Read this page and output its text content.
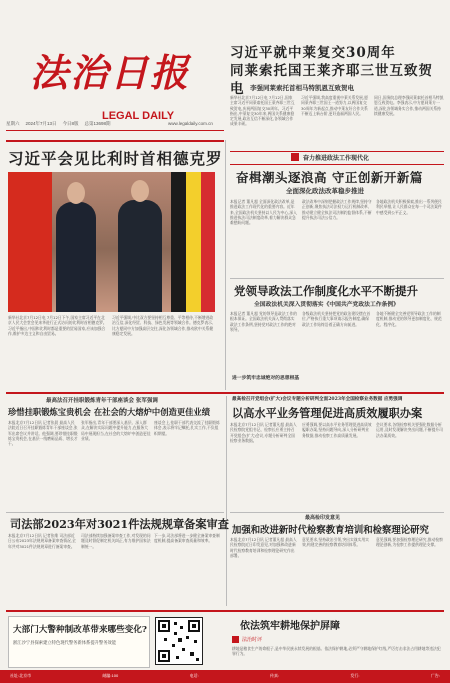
法治日报
LEGAL DAILY
星期六 2024年7月13日 今日8版 总第13698期	www.legaldaily.com.cn
习近平就中莱复交30周年
同莱索托国王莱齐耶三世互致贺电 李强同莱索托首相马特凯恩互致贺电
新华社北京7月12日电 7月12日,国家主席习近平同莱索托国王莱齐耶三世互致贺电,庆祝两国复交30周年。习近平指出,中莱复交30年来,两国关系健康稳定发展,政治互信不断深化,各领域合作成果丰硕。
习近平强调,我高度重视中莱关系发展,愿同莱齐耶三世国王一道努力,以两国复交30周年为新起点,推动中莱友好合作关系不断迈上新台阶,更好造福两国人民。
同日,国务院总理李强同莱索托首相马特凯恩互致贺电。李强表示,中方愿同莱方一道,深化各领域务实合作,推动两国关系持续健康发展。
习近平会见比利时首相德克罗
新华社北京7月12日电 7月12日下午,国家主席习近平在北京人民大会堂会见来华进行正式访问的比利时首相德克罗。习近平指出,中国和比利时都是重要的贸易国家,应该加强合作,维护多边主义和自由贸易。
习近平强调,中比双方要坚持相互尊重、平等相待,不断增进政治互信,深化经贸、科技、绿色发展等领域合作。德克罗表示,比方愿同中方加强高层交往,深化各领域合作,推动欧中关系健康稳定发展。
奋力推进政法工作现代化
奋楫潮头逐浪高 守正创新开新篇
全面深化政法改革稳步推进
本报记者 董凡超 全面深化政法改革,是推进政法工作现代化的重要内容。近年来,全国政法机关坚持以人民为中心,深入推进执法司法制度改革,着力解决群众急难愁盼问题。
政法改革中深刻把握政法工作规律,坚持守正创新,聚焦执法司法权力运行机制改革,推动建立健全执法司法制约监督体系,不断提升执法司法公信力。
各地政法机关积极探索,推出一系列便民利民举措,让人民群众在每一个司法案件中感受到公平正义。
党领导政法工作制度化水平不断提升
全国政法机关深入贯彻落实《中国共产党政法工作条例》
本报记者 董凡超 党的领导是政法工作的根本保证。全国政法机关深入贯彻落实政法工作条例,坚持党对政法工作的绝对领导。
进一步筑牢忠诚绝对的思想根基
各级政法机关坚持把党的政治建设摆在首位,严格执行重大事项请示报告制度,确保政法工作始终沿着正确方向前进。
各地不断健全完善党领导政法工作的制度机制,推动党的领导更加制度化、规范化、程序化。
最高法召开挂职锻炼青年干部座谈会 张军强调
珍惜挂职锻炼宝贵机会 在社会的大熔炉中创造更佳业绩
本报北京7月12日讯 记者张晨 最高人民法院近日召开挂职锻炼青年干部座谈会,张军出席会议并讲话。他强调,要珍惜挂职锻炼宝贵机会,在基层一线磨砺品质、增长才干。
张军指出,青年干部要深入基层、深入群众,在解决实际问题中提升能力,在服务大局中展现担当,在社会的大熔炉中创造更佳业绩。
座谈会上,挂职干部代表交流了挂职锻炼体会,表示将牢记嘱托,扎实工作,不负组织期望。
最高检召开党组会(扩大)会议专题分析研判全面2023年全国检察业务数据 应勇强调
以高水平业务管理促进高质效履职办案
本报北京7月12日讯 记者董凡超 最高人民检察院党组书记、检察长应勇主持召开党组会(扩大)会议,专题分析研判全国检察业务数据。
应勇强调,要以高水平业务管理促进高质效履职办案,坚持问题导向,深入分析研判业务数据,推动检察工作高质量发展。
会议要求,各级检察机关要强化数据分析运用,及时发现解决突出问题,不断提升司法办案质效。
司法部2023年对3021件法规规章备案审查
本报北京7月12日讯 记者张维 司法部近日公布2023年法规规章备案审查情况,全年共对3021件法规规章进行备案审查。
司法部持续加强备案审查工作,对发现的问题及时督促制定机关纠正,有力维护国家法制统一。
下一步,司法部将进一步健全备案审查制度机制,提高备案审查质量和效率。
最高检印发意见
加强和改进新时代检察教育培训和检察理论研究
本报北京7月12日讯 记者董凡超 最高人民检察院近日印发意见,对加强和改进新时代检察教育培训和检察理论研究作出部署。
意见要求,坚持政治引领,突出实战实用实效,构建完善的检察教育培训体系。
意见强调,要加强检察理论研究,推动检察理论创新,为检察工作提供理论支撑。
大部门大警种制改革带来哪些变化?
浙江沙宁县探索建立特色现代警务新体系提升警务效能
依法筑牢耕地保护屏障
法治时评
耕地是粮食生产的命根子,是中华民族永续发展的根基。依法保护耕地,必须严守耕地保护红线,严厉打击非法占用耕地等违法犯罪行为。
社址:北京市	邮编:100	电话:	传真:	发行:	广告:
